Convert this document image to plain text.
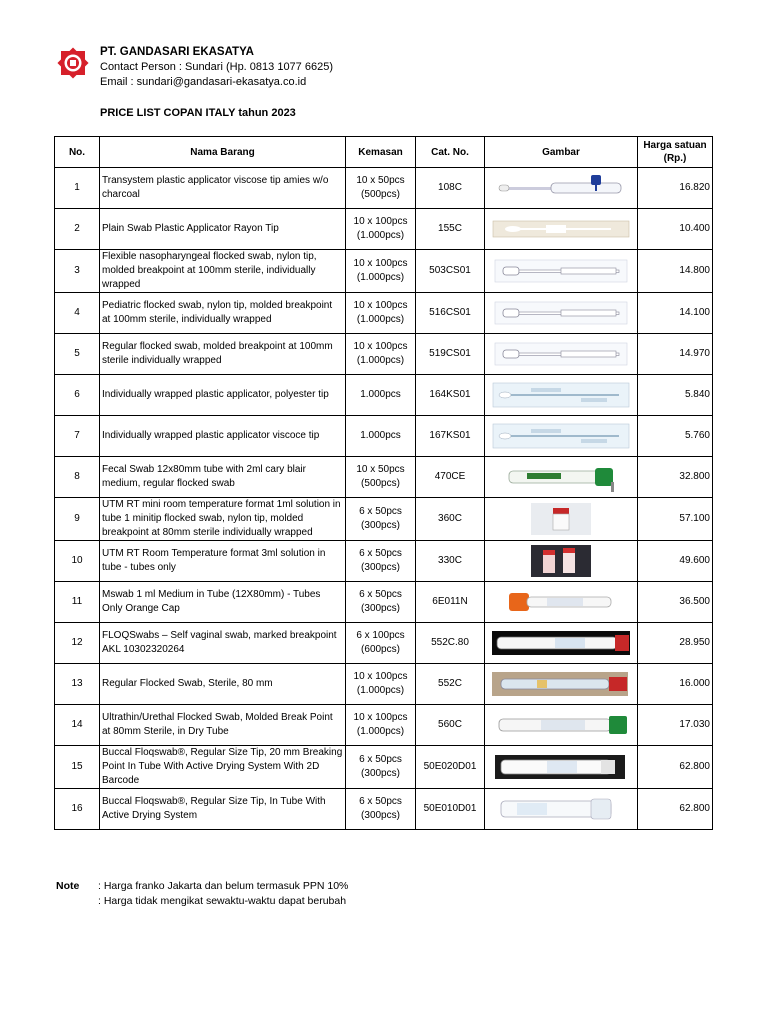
PT. GANDASARI EKASATYA
Contact Person : Sundari (Hp. 0813 1077 6625)
Email : sundari@gandasari-ekasatya.co.id
PRICE LIST COPAN ITALY tahun 2023
No.	Nama Barang	Kemasan	Cat. No.	Gambar	Harga satuan (Rp.)
1	Transystem plastic applicator viscose tip amies w/o charcoal	10 x 50pcs (500pcs)	108C		16.820
2	Plain Swab Plastic Applicator Rayon Tip	10 x 100pcs (1.000pcs)	155C		10.400
3	Flexible nasopharyngeal flocked swab, nylon tip, molded breakpoint at 100mm sterile, individually wrapped	10 x 100pcs (1.000pcs)	503CS01		14.800
4	Pediatric flocked swab, nylon tip, molded breakpoint at 100mm sterile, individually wrapped	10 x 100pcs (1.000pcs)	516CS01		14.100
5	Regular flocked swab, molded breakpoint at 100mm sterile individually wrapped	10 x 100pcs (1.000pcs)	519CS01		14.970
6	Individually wrapped plastic applicator, polyester tip	1.000pcs	164KS01		5.840
7	Individually wrapped plastic applicator viscoce tip	1.000pcs	167KS01		5.760
8	Fecal Swab 12x80mm tube with 2ml cary blair medium, regular flocked swab	10 x 50pcs (500pcs)	470CE		32.800
9	UTM RT mini room temperature format 1ml solution in tube 1 minitip flocked swab, nylon tip, molded breakpoint at 80mm sterile individually wrapped	6 x 50pcs (300pcs)	360C		57.100
10	UTM RT Room Temperature format 3ml solution in tube - tubes only	6 x 50pcs (300pcs)	330C		49.600
11	Mswab 1 ml Medium in Tube (12X80mm) - Tubes Only Orange Cap	6 x 50pcs (300pcs)	6E011N		36.500
12	FLOQSwabs – Self vaginal swab, marked breakpoint AKL 10302320264	6 x 100pcs (600pcs)	552C.80		28.950
13	Regular Flocked Swab, Sterile, 80 mm	10 x 100pcs (1.000pcs)	552C		16.000
14	Ultrathin/Urethal Flocked Swab, Molded Break Point at 80mm Sterile, in Dry Tube	10 x 100pcs (1.000pcs)	560C		17.030
15	Buccal Floqswab®, Regular Size Tip, 20 mm Breaking Point In Tube With Active Drying System With 2D Barcode	6 x 50pcs (300pcs)	50E020D01		62.800
16	Buccal Floqswab®, Regular Size Tip, In Tube With Active Drying System	6 x 50pcs (300pcs)	50E010D01		62.800
Note : Harga franko Jakarta dan belum termasuk PPN 10%
: Harga tidak mengikat sewaktu-waktu dapat berubah
